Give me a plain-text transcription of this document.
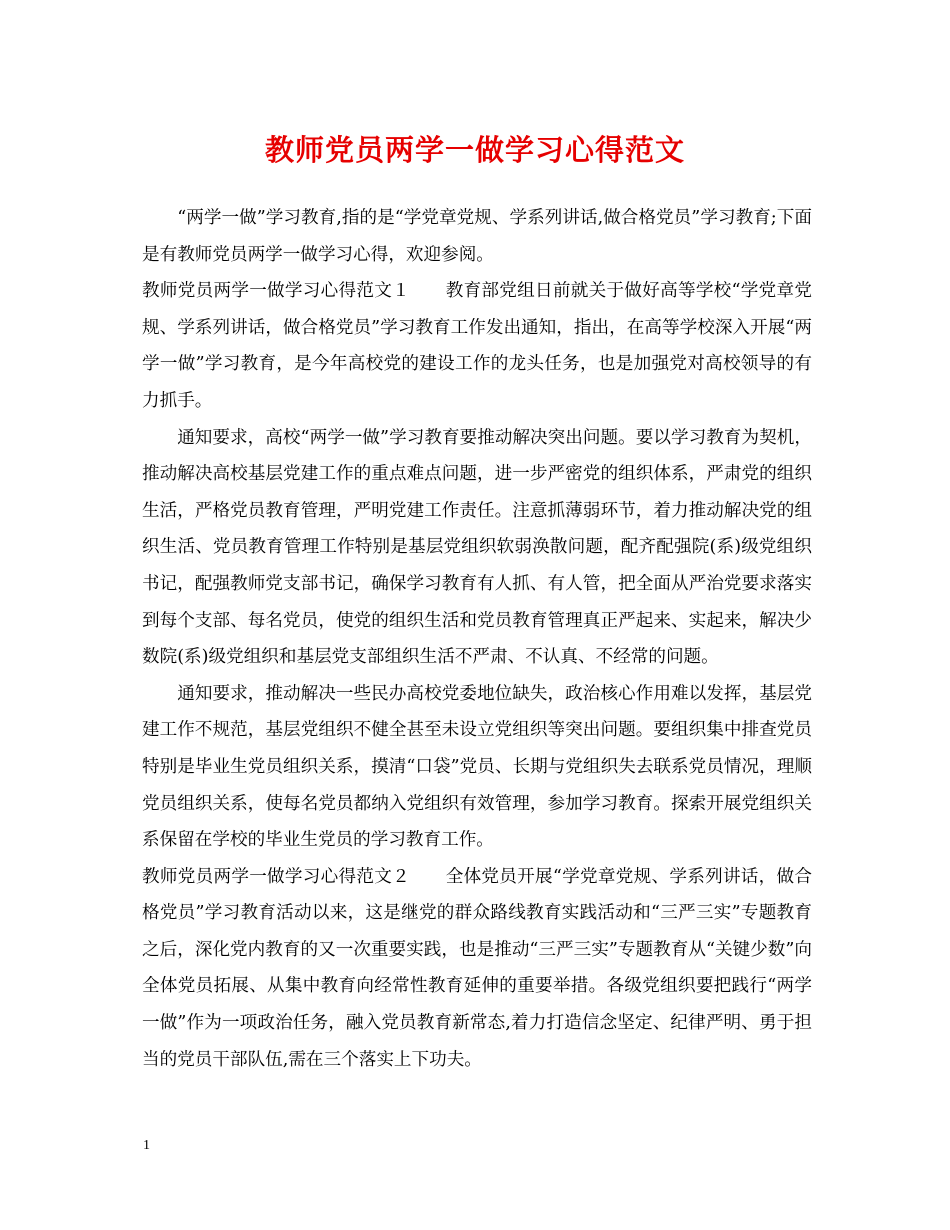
教师党员两学一做学习心得范文

“两学一做”学习教育,指的是“学党章党规、学系列讲话,做合格党员”学习教育;下面是有教师党员两学一做学习心得，欢迎参阅。

教师党员两学一做学习心得范文１　　教育部党组日前就关于做好高等学校“学党章党规、学系列讲话，做合格党员”学习教育工作发出通知，指出，在高等学校深入开展“两学一做”学习教育，是今年高校党的建设工作的龙头任务，也是加强党对高校领导的有力抓手。

通知要求，高校“两学一做”学习教育要推动解决突出问题。要以学习教育为契机，推动解决高校基层党建工作的重点难点问题，进一步严密党的组织体系，严肃党的组织生活，严格党员教育管理，严明党建工作责任。注意抓薄弱环节，着力推动解决党的组织生活、党员教育管理工作特别是基层党组织软弱涣散问题，配齐配强院(系)级党组织书记，配强教师党支部书记，确保学习教育有人抓、有人管，把全面从严治党要求落实到每个支部、每名党员，使党的组织生活和党员教育管理真正严起来、实起来，解决少数院(系)级党组织和基层党支部组织生活不严肃、不认真、不经常的问题。

通知要求，推动解决一些民办高校党委地位缺失，政治核心作用难以发挥，基层党建工作不规范，基层党组织不健全甚至未设立党组织等突出问题。要组织集中排查党员特别是毕业生党员组织关系，摸清“口袋”党员、长期与党组织失去联系党员情况，理顺党员组织关系，使每名党员都纳入党组织有效管理，参加学习教育。探索开展党组织关系保留在学校的毕业生党员的学习教育工作。

教师党员两学一做学习心得范文２　　全体党员开展“学党章党规、学系列讲话，做合格党员”学习教育活动以来，这是继党的群众路线教育实践活动和“三严三实”专题教育之后，深化党内教育的又一次重要实践，也是推动“三严三实”专题教育从“关键少数”向全体党员拓展、从集中教育向经常性教育延伸的重要举措。各级党组织要把践行“两学一做”作为一项政治任务，融入党员教育新常态,着力打造信念坚定、纪律严明、勇于担当的党员干部队伍,需在三个落实上下功夫。

1
